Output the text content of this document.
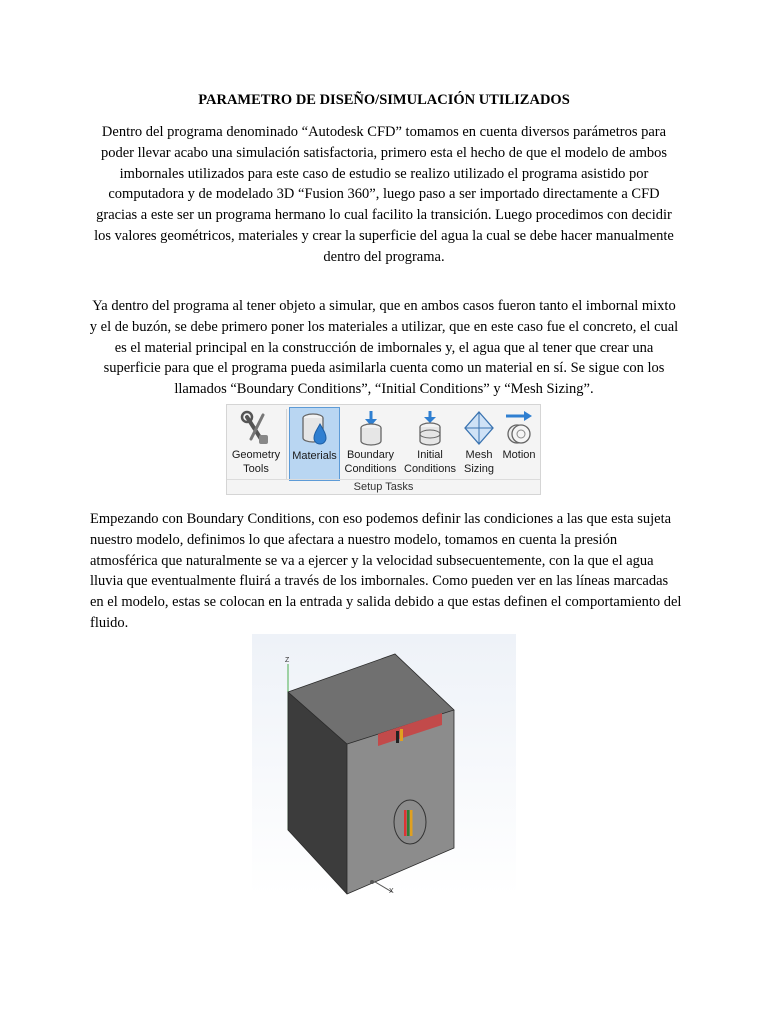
PARAMETRO DE DISEÑO/SIMULACIÓN UTILIZADOS

Dentro del programa denominado “Autodesk CFD” tomamos en cuenta diversos parámetros para poder llevar acabo una simulación satisfactoria, primero esta el hecho de que el modelo de ambos imbornales utilizados para este caso de estudio se realizo utilizado el programa asistido por computadora y de modelado 3D “Fusion 360”, luego paso a ser importado directamente a CFD gracias a este ser un programa hermano lo cual facilito la transición. Luego procedimos con decidir los valores geométricos, materiales y crear la superficie del agua la cual se debe hacer manualmente dentro del programa.

Ya dentro del programa al tener objeto a simular, que en ambos casos fueron tanto el imbornal mixto y el de buzón, se debe primero poner los materiales a utilizar, que en este caso fue el concreto, el cual es el material principal en la construcción de imbornales y, el agua que al tener que crear una superficie para que el programa pueda asimilarla cuenta como un material en sí. Se sigue con los llamados “Boundary Conditions”, “Initial Conditions” y “Mesh Sizing”.

Geometry
Tools
Materials Boundary
Conditions
Initial
Conditions
Mesh
Sizing
Motion
Setup Tasks

Empezando con Boundary Conditions, con eso podemos definir las condiciones a las que esta sujeta nuestro modelo, definimos lo que afectara a nuestro modelo, tomamos en cuenta la presión atmosférica que naturalmente se va a ejercer y la velocidad subsecuentemente, con la que el agua lluvia que eventualmente fluirá a través de los imbornales. Como pueden ver en las líneas marcadas en el modelo, estas se colocan en la entrada y salida debido a que estas definen el comportamiento del fluido.

Z
X
